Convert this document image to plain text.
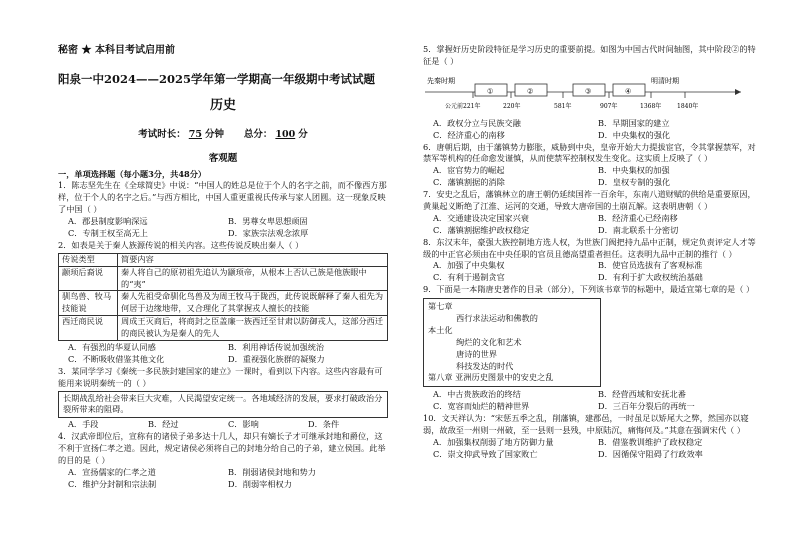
秘密 ★ 本科目考试启用前

阳泉一中2024——2025学年第一学期高一年级期中考试试题

历史

考试时长： 75 分钟 总分： 100 分

客观题

一，单项选择题（每小题3分，共48分）

1．陈志坚先生在《全球简史》中说：“中国人的姓总是位于个人的名字之前，而不像西方那样，位于个人的名字之后。”与西方相比，中国人重更重视氏传承与家人团圆。这一现象反映了中国（ ）

A．郡县制度影响深远	B．男尊女卑思想顽固
C．专制王权至高无上	D．家族宗法观念浓厚

2．如表是关于秦人族源传说的相关内容。这些传说反映出秦人（ ）

传说类型	简要内容
颛顼后裔说	秦人将自己的原初祖先追认为颛顼帝，从根本上否认己族是他族眼中的“夷”
驯鸟兽、牧马技能说	秦人先祖受命驯化鸟兽及为周王牧马于陇西，此传说既解释了秦人祖先为何居于边缘地带，又合理化了其掌握戎人擅长的技能
西迁商民说	周成王灭商后，将商封之臣盖廉一族西迁至甘肃以防御戎人，这部分西迁的商民被认为是秦人的先人
A．有强烈的华夏认同感	B．利用神话传说加强统治
C．不断吸收借鉴其他文化	D．重视强化族群的凝聚力

3．某同学学习《秦统一多民族封建国家的建立》一课时，看到以下内容。这些内容最有可能用来说明秦统一的（ ）

长期战乱给社会带来巨大灾难，人民渴望安定统一。各地域经济的发展，要求打破政治分裂所带来的阻碍。
A．手段	B．经过	C．影响	D．条件

4．汉武帝即位后，宣称有的诸侯子弟多达十几人，却只有嫡长子才可继承封地和爵位，这不利于宣扬仁孝之道。因此，规定诸侯必须将自己的封地分给自己的子弟，建立侯国。此举的目的是（ ）

A．宣扬儒家的仁孝之道	B．削弱诸侯封地和势力
C．维护分封制和宗法制	D．削弱宰相权力

5．掌握好历史阶段特征是学习历史的重要前提。如图为中国古代时间轴图，其中阶段②的特征是（ ）

先秦时期	明清时期
①	②	③	④
公元前221年	220年	581年	907年	1368年	1840年
A．政权分立与民族交融	B．早期国家的建立
C．经济重心的南移	D．中央集权的强化

6．唐朝后期，由于藩镇势力膨胀，威胁到中央，皇帝开始大力提拔宦官，令其掌握禁军，对禁军等机构的任命愈发谨慎，从而使禁军控制权发生变化。这实质上反映了（ ）

A．宦官势力的崛起	B．中央集权的加强
C．藩镇割据的消除	D．皇权专制的强化

7．安史之乱后，藩镇林立的唐王朝仍延续国祚一百余年，东南八道财赋的供给是重要原因，黄巢起义断绝了江淮、运河的交通，导致大唐帝国的土崩瓦解。这表明唐朝（ ）

A．交通建设决定国家兴衰	B．经济重心已经南移
C．藩镇割据维护政权稳定	D．南北联系十分密切

8．东汉末年，豪强大族控制地方选人权，为世族门阀把持九品中正制，规定负责评定人才等级的中正官必须由在中央任职的官员且德高望重者担任。这表明九品中正制的推行（ ）

A．加强了中央集权	B．使官员选拔有了客观标准
C．有利于遏制贪官	D．有利于扩大政权统治基础

9．下面是一本隋唐史著作的目录（部分），下列该书章节的标题中，最适宜第七章的是（ ）

第七章
西行求法运动和佛教的
本土化
绚烂的文化和艺术
唐诗的世界
科技发达的时代
第八章 亚洲历史图景中的安史之乱
A．中古贵族政治的终结	B．经营西域和安抚北番
C．宽容而灿烂的精神世界	D．三百年分裂后的再统一

10．文天祥认为：“宋惩五季之乱，削藩镇，建郡邑，一时虽足以矫尾大之弊，然国亦以寝弱，故敌至一州则一州破，至一县则一县残，中原陆沉，痛悔何及。”其意在强调宋代（ ）

A．加强集权削弱了地方防御力量	B．借鉴教训维护了政权稳定
C．崇文抑武导致了国家败亡	D．因循保守阻碍了行政效率
